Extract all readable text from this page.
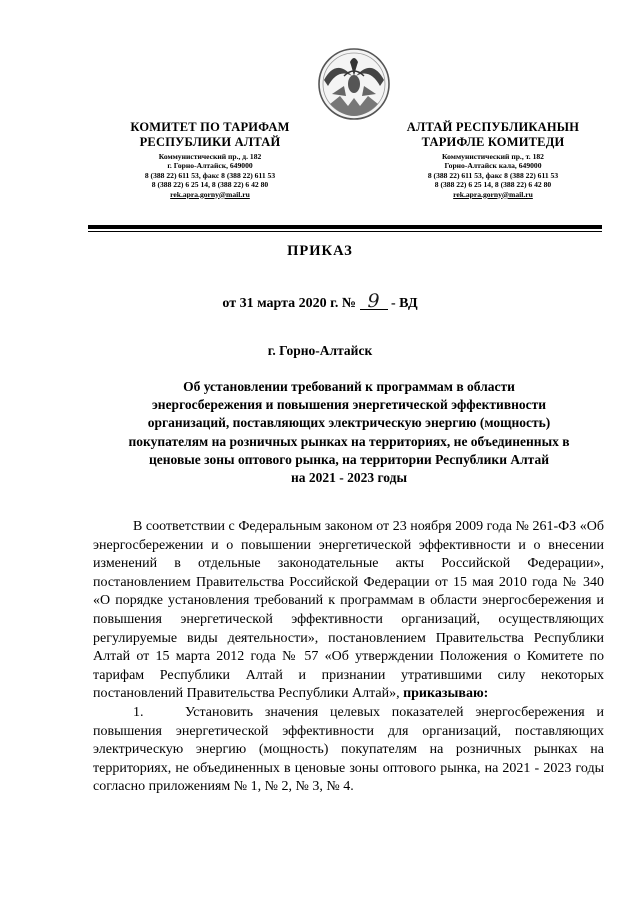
КОМИТЕТ ПО ТАРИФАМ
РЕСПУБЛИКИ АЛТАЙ
Коммунистический пр., д. 182
г. Горно-Алтайск, 649000
8 (388 22) 611 53, факс 8 (388 22) 611 53
8 (388 22) 6 25 14, 8 (388 22) 6 42 80
rek.apra.gorny@mail.ru
АЛТАЙ РЕСПУБЛИКАНЫН
ТАРИФЛЕ КОМИТЕДИ
Коммунистический пр., т. 182
Горно-Алтайск кала, 649000
8 (388 22) 611 53, факс 8 (388 22) 611 53
8 (388 22) 6 25 14, 8 (388 22) 6 42 80
rek.apra.gorny@mail.ru
ПРИКАЗ
от 31 марта 2020 г. № 9 - ВД
г. Горно-Алтайск
Об установлении требований к программам в области
энергосбережения и повышения энергетической эффективности
организаций, поставляющих электрическую энергию (мощность)
покупателям на розничных рынках на территориях, не объединенных в
ценовые зоны оптового рынка, на территории Республики Алтай
на 2021 - 2023 годы

В соответствии с Федеральным законом от 23 ноября 2009 года № 261-ФЗ «Об энергосбережении и о повышении энергетической эффективности и о внесении изменений в отдельные законодательные акты Российской Федерации», постановлением Правительства Российской Федерации от 15 мая 2010 года № 340 «О порядке установления требований к программам в области энергосбережения и повышения энергетической эффективности организаций, осуществляющих регулируемые виды деятельности», постановлением Правительства Республики Алтай от 15 марта 2012 года № 57 «Об утверждении Положения о Комитете по тарифам Республики Алтай и признании утратившими силу некоторых постановлений Правительства Республики Алтай», приказываю:

1.	Установить значения целевых показателей энергосбережения и повышения энергетической эффективности для организаций, поставляющих электрическую энергию (мощность) покупателям на розничных рынках на территориях, не объединенных в ценовые зоны оптового рынка, на 2021 - 2023 годы согласно приложениям № 1, № 2, № 3, № 4.
